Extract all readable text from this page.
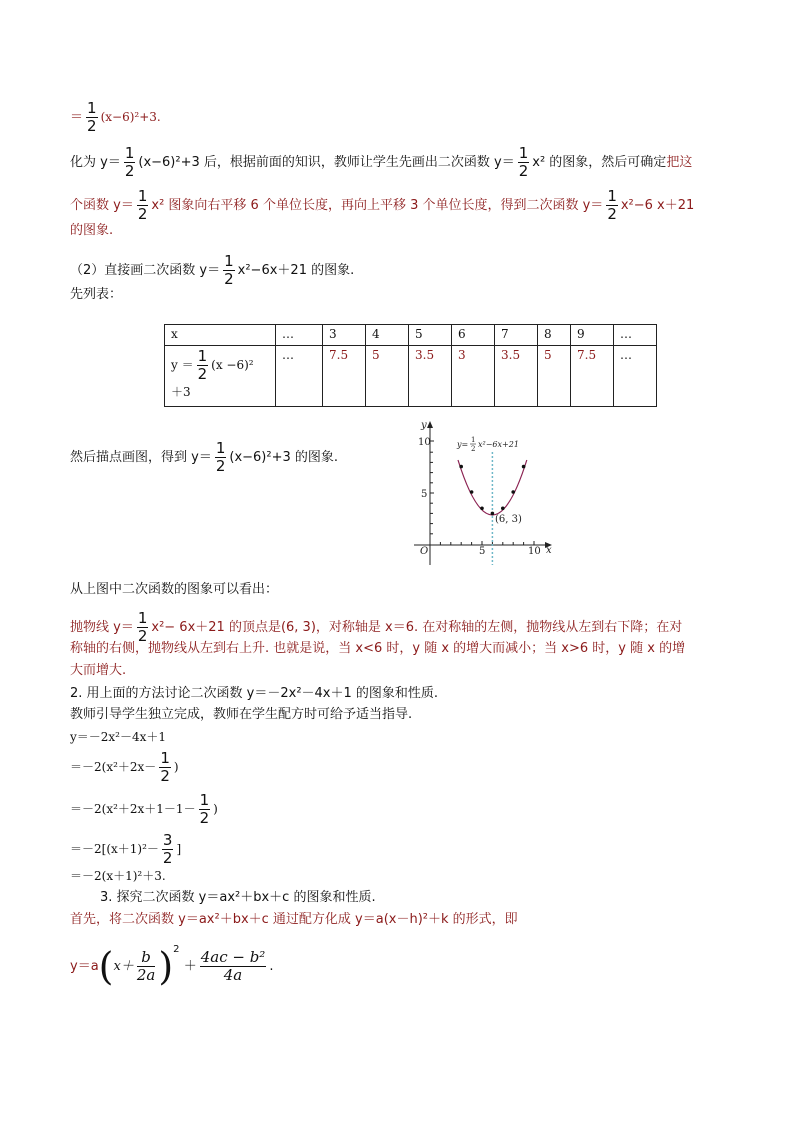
＝ $\frac{1}{2} (x-6)^2+3$.
化为 $y= \frac{1}{2} (x-6)^2+3$ 后，根据前面的知识，教师让学生先画出二次函数 $y= \frac{1}{2} x^2$ 的图象，然后可确定把这
个函数 $y= \frac{1}{2} x^2$ 图象向右平移 6 个单位长度，再向上平移 3 个单位长度，得到二次函数 $y= \frac{1}{2} x^2-6$ x＋21
的图象.
（2）直接画二次函数 $y= \frac{1}{2} x^2-6x+21$ 的图象.
先列表：
x	…	3	4	5	6	7	8	9	…
$y = \frac{1}{2} (x -6)^2$
＋3	…	7.5	5	3.5	3	3.5	5	7.5	…
然后描点画图，得到 $y= \frac{1}{2} (x-6)^2+3$ 的图象.
y
10
5
O	5	10 x
(6, 3)
y= 1
2 x²−6x+21
从上图中二次函数的图象可以看出：
抛物线 $y= \frac{1}{2} x^2- 6x+21$ 的顶点是(6, 3)，对称轴是 x＝6. 在对称轴的左侧，抛物线从左到右下降；在对
称轴的右侧，抛物线从左到右上升. 也就是说，当 x<6 时，y 随 x 的增大而减小；当 x>6 时，y 随 x 的增
大而增大.
2. 用上面的方法讨论二次函数 y＝－2x²－4x＋1 的图象和性质.
教师引导学生独立完成，教师在学生配方时可给予适当指导.
y＝－2x²－4x＋1
$=-2(x^2+2x- \frac{1}{2}$ )
$=-2(x^2+2x+1-1- \frac{1}{2}$ )
$=-2[(x+1)^2- \frac{3}{2}$ ]
＝－2(x＋1)²＋3.
3. 探究二次函数 y＝ax²＋bx＋c 的图象和性质.
首先，将二次函数 y＝ax²＋bx＋c 通过配方化成 y＝a(x－h)²＋k 的形式，即
$y=a(x+ \frac{b}{2a} )^2 + \frac{\text{4ac − b²}}{4a}$ .
